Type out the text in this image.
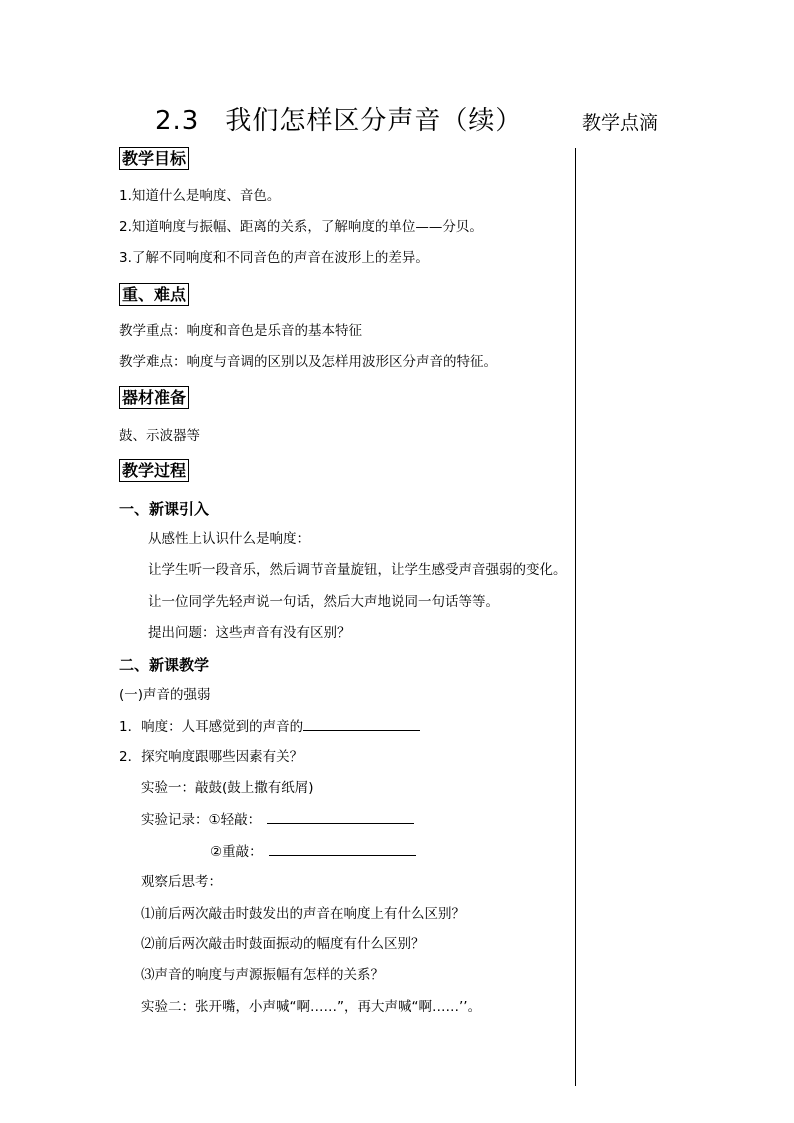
2.3 我们怎样区分声音（续）	教学点滴
教学目标
1.知道什么是响度、音色。
2.知道响度与振幅、距离的关系，了解响度的单位——分贝。
3.了解不同响度和不同音色的声音在波形上的差异。
重、难点
教学重点：响度和音色是乐音的基本特征
教学难点：响度与音调的区别以及怎样用波形区分声音的特征。
器材准备
鼓、示波器等
教学过程
一、新课引入
从感性上认识什么是响度：
让学生听一段音乐，然后调节音量旋钮，让学生感受声音强弱的变化。
让一位同学先轻声说一句话，然后大声地说同一句话等等。
提出问题：这些声音有没有区别？
二、新课教学
(一)声音的强弱
1．响度：人耳感觉到的声音的
2．探究响度跟哪些因素有关？
实验一：敲鼓(鼓上撒有纸屑)
实验记录：①轻敲：
②重敲：
观察后思考：
⑴前后两次敲击时鼓发出的声音在响度上有什么区别？
⑵前后两次敲击时鼓面振动的幅度有什么区别？
⑶声音的响度与声源振幅有怎样的关系？
实验二：张开嘴，小声喊“啊……”，再大声喊“啊……’’。
